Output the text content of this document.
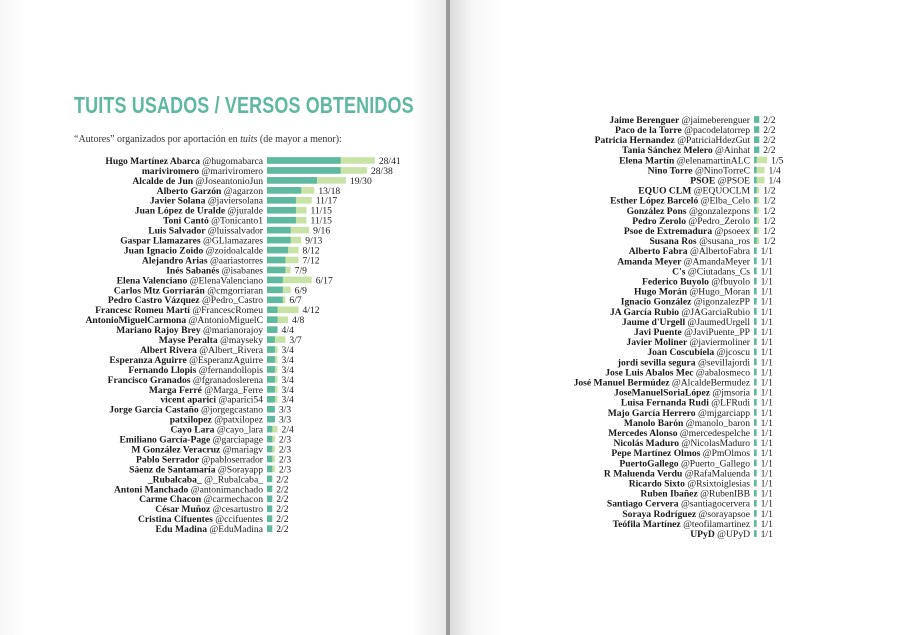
TUITS USADOS / VERSOS OBTENIDOS
“Autores” organizados por aportación en tuits (de mayor a menor):
Hugo Martínez Abarca @hugomabarca	28/41
mariviromero @mariviromero	28/38
Alcalde de Jun @JoseantonioJun	19/30
Alberto Garzón @agarzon	13/18
Javier Solana @javiersolana	11/17
Juan López de Uralde @juralde	11/15
Toni Cantó @Tonicanto1	11/15
Luis Salvador @luissalvador	9/16
Gaspar Llamazares @GLlamazares	9/13
Juan Ignacio Zoido @zoidoalcalde	8/12
Alejandro Arias @aariastorres	7/12
Inés Sabanés @isabanes	7/9
Elena Valenciano @ElenaValenciano	6/17
Carlos Mtz Gorriarán @cmgorriaran	6/9
Pedro Castro Vázquez @Pedro_Castro	6/7
Francesc Romeu Martí @FrancescRomeu	4/12
AntonioMiguelCarmona @AntonioMiguelC	4/8
Mariano Rajoy Brey @marianorajoy 4/4
Mayse Peralta @mayseky	3/7
Albert Rivera @Albert_Rivera 3/4
Esperanza Aguirre @EsperanzAguirre 3/4
Fernando Llopis @fernandollopis 3/4
Francisco Granados @fgranadoslerena 3/4
Marga Ferré @Marga_Ferre 3/4
vicent aparici @aparici54 3/4
Jorge García Castaño @jorgegcastano 3/3
patxilopez @patxilopez 3/3
Cayo Lara @cayo_lara 2/4
Emiliano García-Page @garciapage 2/3
M González Veracruz @mariagv 2/3
Pablo Serrador @pabloserrador 2/3
Sáenz de Santamaría @Sorayapp 2/3
_Rubalcaba_ @_Rubalcaba_ 2/2
Antoni Manchado @antonimanchado 2/2
Carme Chacon @carmechacon 2/2
César Muñoz @cesartustro 2/2
Cristina Cifuentes @ccifuentes 2/2
Edu Madina @EduMadina 2/2
Jaime Berenguer @jaimeberenguer 2/2
Paco de la Torre @pacodelatorrep 2/2
Patricia Hernandez @PatriciaHdezGut 2/2
Tania Sánchez Melero @Ainhat 2/2
Elena Martín @elenamartinALC 1/5
Nino Torre @NinoTorreC 1/4
PSOE @PSOE 1/4
EQUO CLM @EQUOCLM 1/2
Esther López Barceló @Elba_Celo 1/2
González Pons @gonzalezpons 1/2
Pedro Zerolo @Pedro_Zerolo 1/2
Psoe de Extremadura @psoeex 1/2
Susana Ros @susana_ros 1/2
Alberto Fabra @AlbertoFabra 1/1
Amanda Meyer @AmandaMeyer 1/1
C's @Ciutadans_Cs 1/1
Federico Buyolo @fbuyolo 1/1
Hugo Morán @Hugo_Moran 1/1
Ignacio González @igonzalezPP 1/1
JA García Rubio @JAGarciaRubio 1/1
Jaume d'Urgell @JaumedUrgell 1/1
Javi Puente @JaviPuente_PP 1/1
Javier Moliner @javiermoliner 1/1
Joan Coscubiela @jcoscu 1/1
jordi sevilla segura @sevillajordi 1/1
Jose Luis Abalos Mec @abalosmeco 1/1
José Manuel Bermúdez @AlcaldeBermudez 1/1
JoseManuelSoriaLópez @jmsoria 1/1
Luisa Fernanda Rudi @LFRudi 1/1
Majo García Herrero @mjgarciapp 1/1
Manolo Barón @manolo_baron 1/1
Mercedes Alonso @mercedespelche 1/1
Nicolás Maduro @NicolasMaduro 1/1
Pepe Martínez Olmos @PmOlmos 1/1
PuertoGallego @Puerto_Gallego 1/1
R Maluenda Verdu @RafaMaluenda 1/1
Ricardo Sixto @Rsixtoiglesias 1/1
Ruben Ibañez @RubenIBB 1/1
Santiago Cervera @santiagocervera 1/1
Soraya Rodríguez @sorayapsoe 1/1
Teófila Martínez @teofilamartinez 1/1
UPyD @UPyD 1/1
